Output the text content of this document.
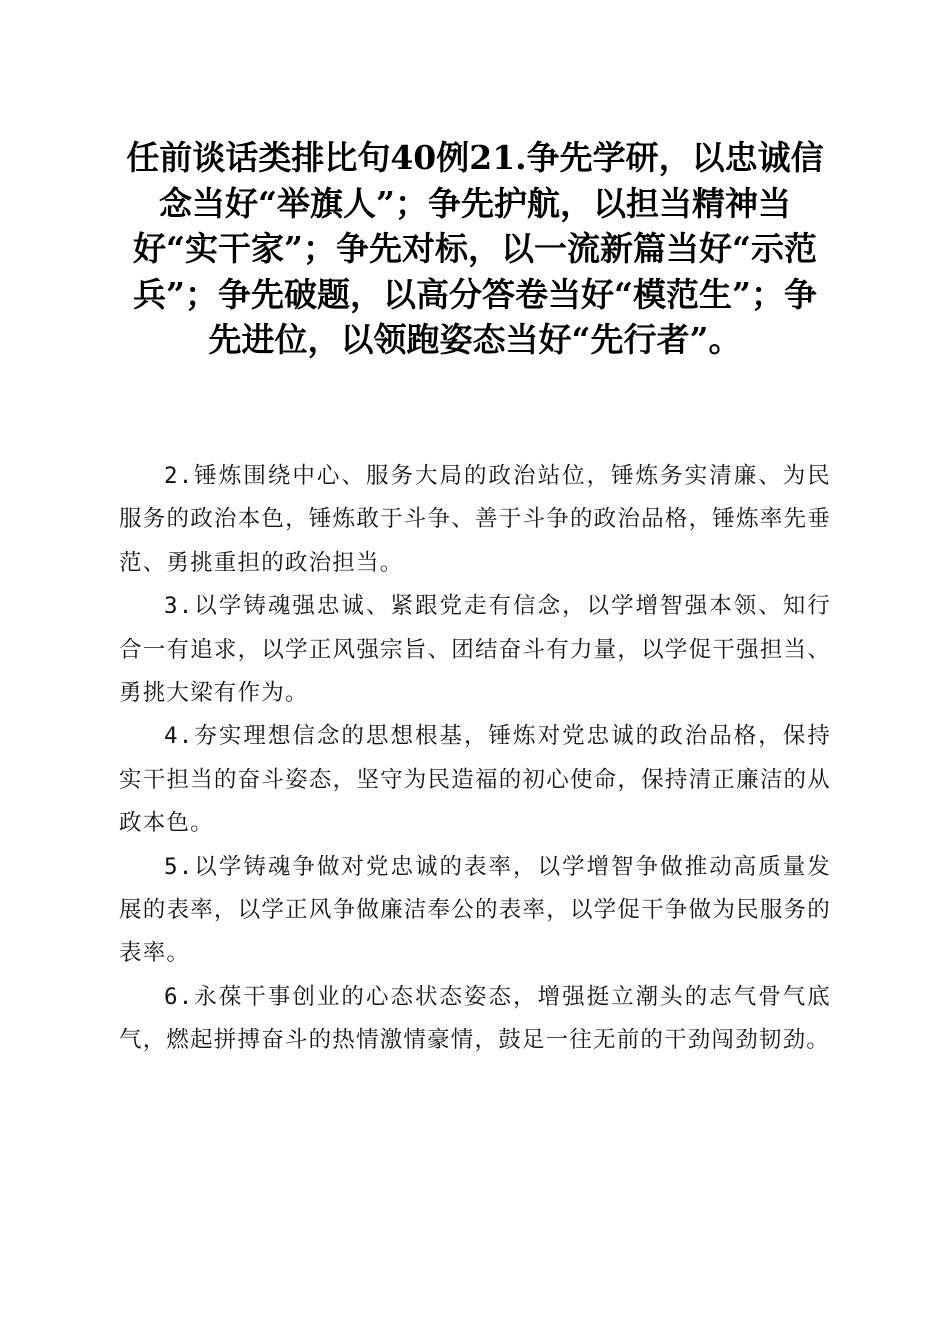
任前谈话类排比句40例21.争先学研，以忠诚信念当好“举旗人”；争先护航，以担当精神当好“实干家”；争先对标，以一流新篇当好“示范兵”；争先破题，以高分答卷当好“模范生”；争先进位，以领跑姿态当好“先行者”。

2.锤炼围绕中心、服务大局的政治站位，锤炼务实清廉、为民服务的政治本色，锤炼敢于斗争、善于斗争的政治品格，锤炼率先垂范、勇挑重担的政治担当。

3.以学铸魂强忠诚、紧跟党走有信念，以学增智强本领、知行合一有追求，以学正风强宗旨、团结奋斗有力量，以学促干强担当、勇挑大梁有作为。

4.夯实理想信念的思想根基，锤炼对党忠诚的政治品格，保持实干担当的奋斗姿态，坚守为民造福的初心使命，保持清正廉洁的从政本色。

5.以学铸魂争做对党忠诚的表率，以学增智争做推动高质量发展的表率，以学正风争做廉洁奉公的表率，以学促干争做为民服务的表率。

6.永葆干事创业的心态状态姿态，增强挺立潮头的志气骨气底气，燃起拼搏奋斗的热情激情豪情，鼓足一往无前的干劲闯劲韧劲。
